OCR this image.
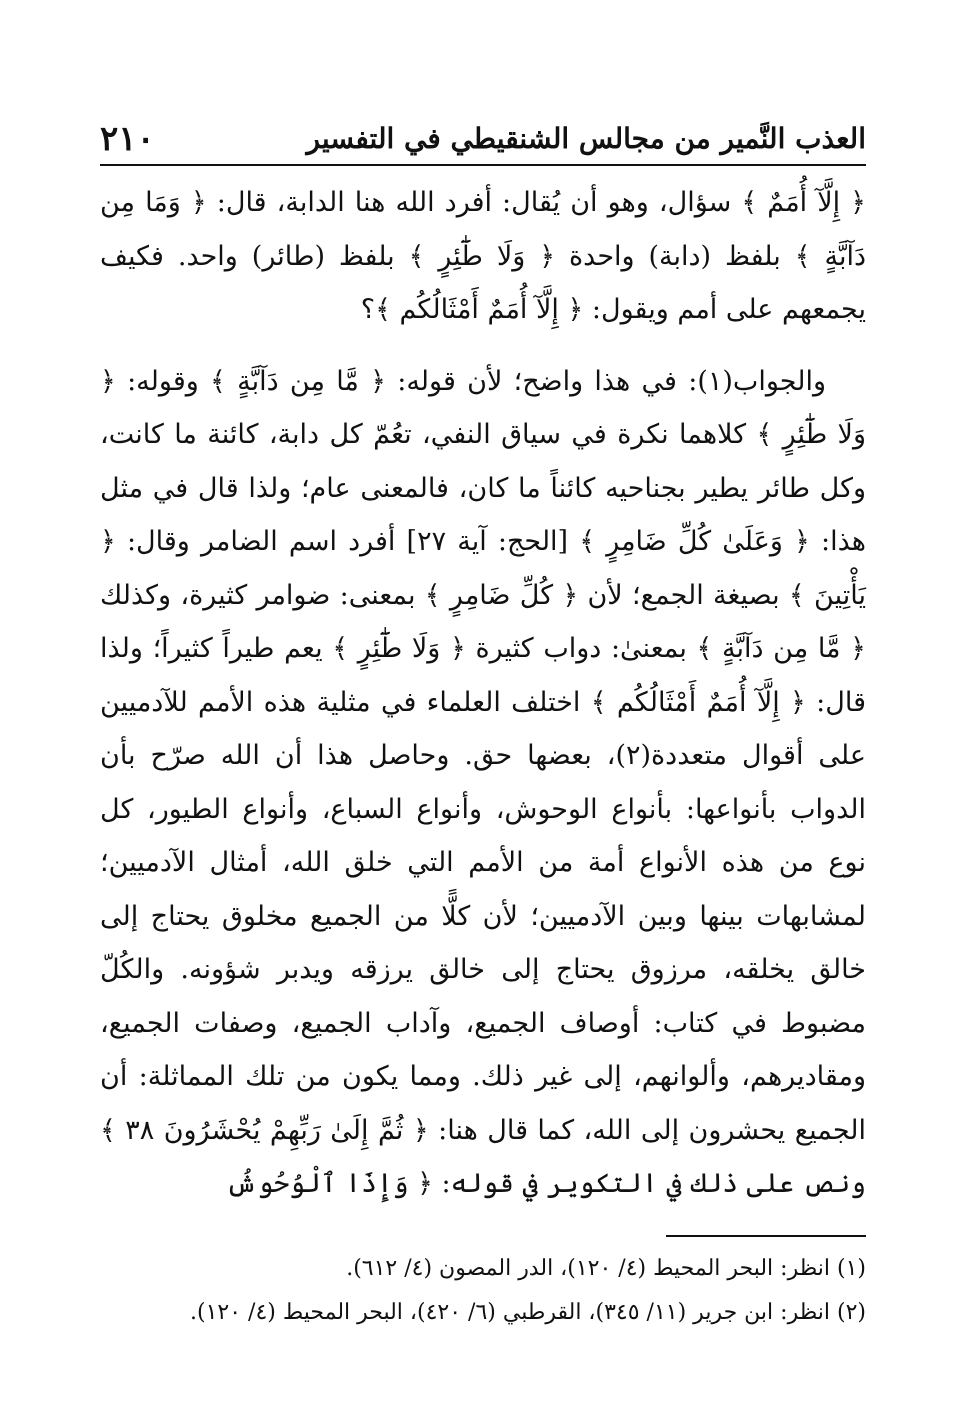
العذب النَّمير من مجالس الشنقيطي في التفسير
٢١٠

﴿ إِلَّآ أُمَمٌ ﴾ سؤال، وهو أن يُقال: أفرد الله هنا الدابة، قال: ﴿ وَمَا مِن دَآبَّةٍ ﴾ بلفظ (دابة) واحدة ﴿ وَلَا طَٰٓئِرٍ ﴾ بلفظ (طائر) واحد. فكيف يجمعهم على أمم ويقول: ﴿ إِلَّآ أُمَمٌ أَمْثَالُكُم ﴾؟

والجواب(١): في هذا واضح؛ لأن قوله: ﴿ مَّا مِن دَآبَّةٍ ﴾ وقوله: ﴿ وَلَا طَٰٓئِرٍ ﴾ كلاهما نكرة في سياق النفي، تعُمّ كل دابة، كائنة ما كانت، وكل طائر يطير بجناحيه كائناً ما كان، فالمعنى عام؛ ولذا قال في مثل هذا: ﴿ وَعَلَىٰ كُلِّ ضَامِرٍ ﴾ [الحج: آية ٢٧] أفرد اسم الضامر وقال: ﴿ يَأْتِينَ ﴾ بصيغة الجمع؛ لأن ﴿ كُلِّ ضَامِرٍ ﴾ بمعنى: ضوامر كثيرة، وكذلك ﴿ مَّا مِن دَآبَّةٍ ﴾ بمعنىٰ: دواب كثيرة ﴿ وَلَا طَٰٓئِرٍ ﴾ يعم طيراً كثيراً؛ ولذا قال: ﴿ إِلَّآ أُمَمٌ أَمْثَالُكُم ﴾ اختلف العلماء في مثلية هذه الأمم للآدميين على أقوال متعددة(٢)، بعضها حق. وحاصل هذا أن الله صرّح بأن الدواب بأنواعها: بأنواع الوحوش، وأنواع السباع، وأنواع الطيور، كل نوع من هذه الأنواع أمة من الأمم التي خلق الله، أمثال الآدميين؛ لمشابهات بينها وبين الآدميين؛ لأن كلًّا من الجميع مخلوق يحتاج إلى خالق يخلقه، مرزوق يحتاج إلى خالق يرزقه ويدبر شؤونه. والكُلّ مضبوط في كتاب: أوصاف الجميع، وآداب الجميع، وصفات الجميع، ومقاديرهم، وألوانهم، إلى غير ذلك. ومما يكون من تلك المماثلة: أن الجميع يحشرون إلى الله، كما قال هنا: ﴿ ثُمَّ إِلَىٰ رَبِّهِمْ يُحْشَرُونَ ٣٨ ﴾ ونص على ذلك في التكوير في قوله: ﴿ وَإِذَا ٱلْوُحُوشُ

(١) انظر: البحر المحيط (٤/ ١٢٠)، الدر المصون (٤/ ٦١٢).

(٢) انظر: ابن جرير (١١/ ٣٤٥)، القرطبي (٦/ ٤٢٠)، البحر المحيط (٤/ ١٢٠).
